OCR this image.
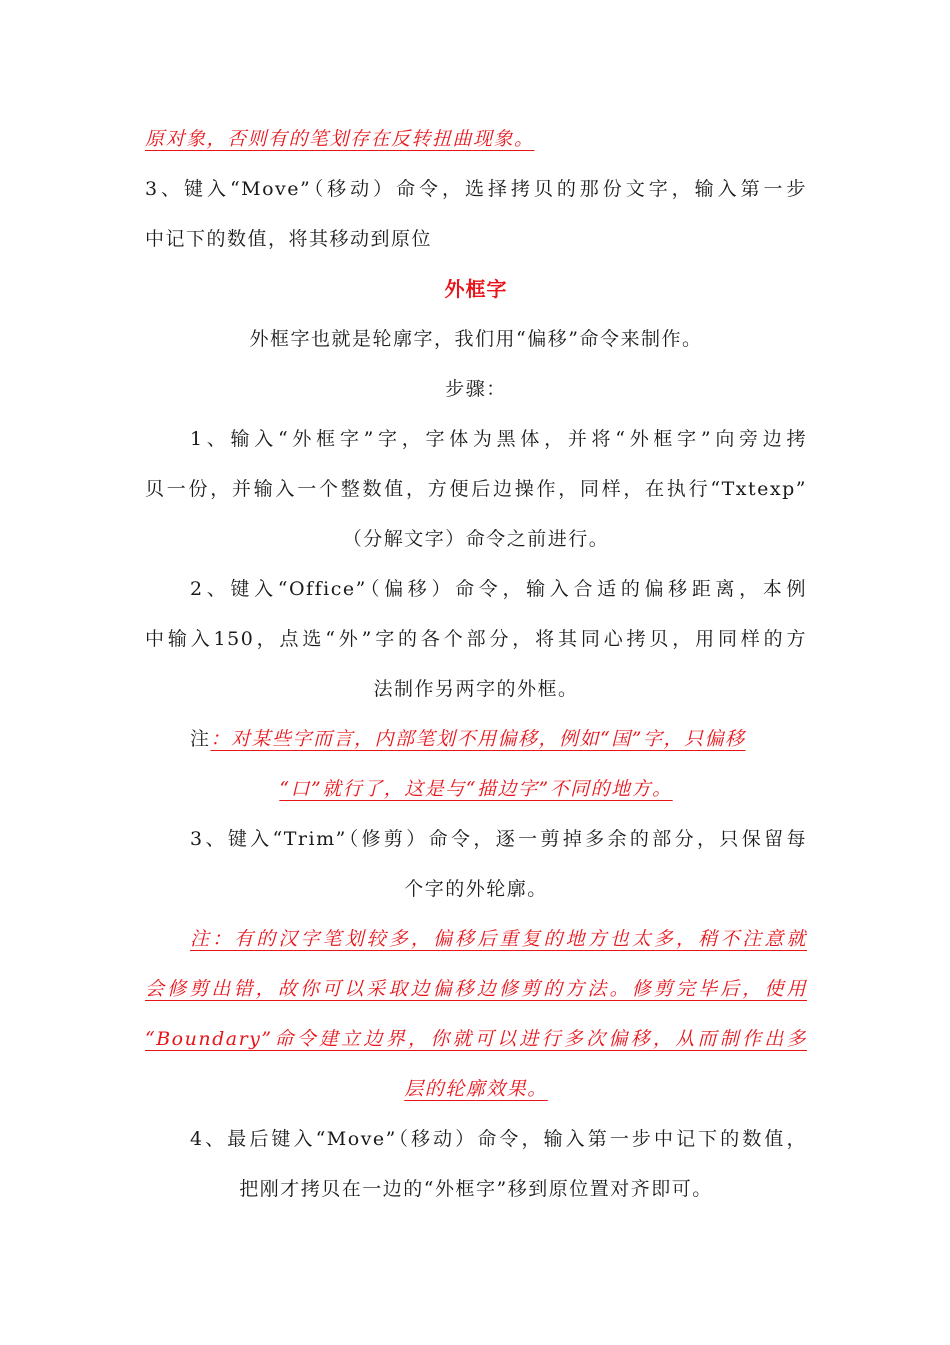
原对象，否则有的笔划存在反转扭曲现象。
3、键入“Move”（移动）命令，选择拷贝的那份文字，输入第一步
中记下的数值，将其移动到原位
外框字
外框字也就是轮廓字，我们用“偏移”命令来制作。
步骤：
1、输入“外框字”字，字体为黑体，并将“外框字”向旁边拷
贝一份，并输入一个整数值，方便后边操作，同样，在执行“Txtexp”
（分解文字）命令之前进行。
2、键入“Office”（偏移）命令，输入合适的偏移距离，本例
中输入150，点选“外”字的各个部分，将其同心拷贝，用同样的方
法制作另两字的外框。
注：对某些字而言，内部笔划不用偏移，例如“国”字，只偏移
“口”就行了，这是与“描边字”不同的地方。
3、键入“Trim”（修剪）命令，逐一剪掉多余的部分，只保留每
个字的外轮廓。
注：有的汉字笔划较多，偏移后重复的地方也太多，稍不注意就
会修剪出错，故你可以采取边偏移边修剪的方法。修剪完毕后，使用
“Boundary”命令建立边界，你就可以进行多次偏移，从而制作出多
层的轮廓效果。
4、最后键入“Move”（移动）命令，输入第一步中记下的数值，
把刚才拷贝在一边的“外框字”移到原位置对齐即可。
